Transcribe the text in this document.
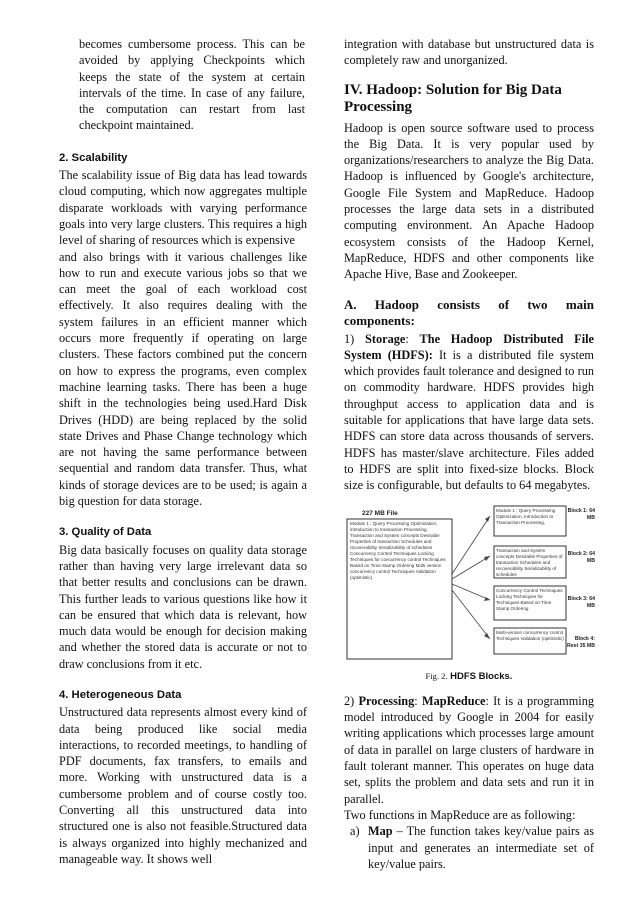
becomes cumbersome process. This can be avoided by applying Checkpoints which keeps the state of the system at certain intervals of the time. In case of any failure, the computation can restart from last checkpoint maintained.

2. Scalability

The scalability issue of Big data has lead towards cloud computing, which now aggregates multiple disparate workloads with varying performance goals into very large clusters. This requires a high level of sharing of resources which is expensive

and also brings with it various challenges like how to run and execute various jobs so that we can meet the goal of each workload cost effectively. It also requires dealing with the system failures in an efficient manner which occurs more frequently if operating on large clusters. These factors combined put the concern on how to express the programs, even complex machine learning tasks. There has been a huge shift in the technologies being used.Hard Disk Drives (HDD) are being replaced by the solid state Drives and Phase Change technology which are not having the same performance between sequential and random data transfer. Thus, what kinds of storage devices are to be used; is again a big question for data storage.

3. Quality of Data

Big data basically focuses on quality data storage rather than having very large irrelevant data so that better results and conclusions can be drawn. This further leads to various questions like how it can be ensured that which data is relevant, how much data would be enough for decision making and whether the stored data is accurate or not to draw conclusions from it etc.

4. Heterogeneous Data

Unstructured data represents almost every kind of data being produced like social media interactions, to recorded meetings, to handling of PDF documents, fax transfers, to emails and more. Working with unstructured data is a cumbersome problem and of course costly too. Converting all this unstructured data into structured one is also not feasible.Structured data is always organized into highly mechanized and manageable way. It shows well

integration with database but unstructured data is completely raw and unorganized.

IV. Hadoop: Solution for Big Data Processing

Hadoop is open source software used to process the Big Data. It is very popular used by organizations/researchers to analyze the Big Data. Hadoop is influenced by Google's architecture, Google File System and MapReduce. Hadoop processes the large data sets in a distributed computing environment. An Apache Hadoop ecosystem consists of the Hadoop Kernel, MapReduce, HDFS and other components like Apache Hive, Base and Zookeeper.

A. Hadoop consists of two main
components:

1) Storage: The Hadoop Distributed File System (HDFS): It is a distributed file system which provides fault tolerance and designed to run on commodity hardware. HDFS provides high throughput access to application data and is suitable for applications that have large data sets. HDFS can store data across thousands of servers. HDFS has master/slave architecture. Files added to HDFS are split into fixed-size blocks. Block size is configurable, but defaults to 64 megabytes.

227 MB File
Module 1 : Query Processing Optimization, introduction to transaction Processing, Transaction and System concepts Desirable Properties of transaction Schedules and recoverability Serializability of schedules Concurrency Control Techniques Locking Techniques for concurrency control Techniques Based on Time Stamp Ordering Multi version concurrency control Techniques Validation (optimistic)
Module 1 : Query Processing Optimization, Introduction to Transaction Processing,
Block 1: 64 MB
Transaction and System concepts Desirable Properties of transaction Schedules and recoverability Serializability of schedules
Block 2: 64 MB
Concurrency Control Techniques Locking Techniques for Techniques Based on Time Stamp Ordering
Block 3: 64 MB
Multi-version concurrency control Techniques Validation (optimistic)	Block 4: Rest 35 MB
Fig. 2. HDFS Blocks.

2) Processing: MapReduce: It is a programming model introduced by Google in 2004 for easily writing applications which processes large amount of data in parallel on large clusters of hardware in fault tolerant manner. This operates on huge data set, splits the problem and data sets and run it in parallel.

Two functions in MapReduce are as following:

a) Map – The function takes key/value pairs as input and generates an intermediate set of key/value pairs.
